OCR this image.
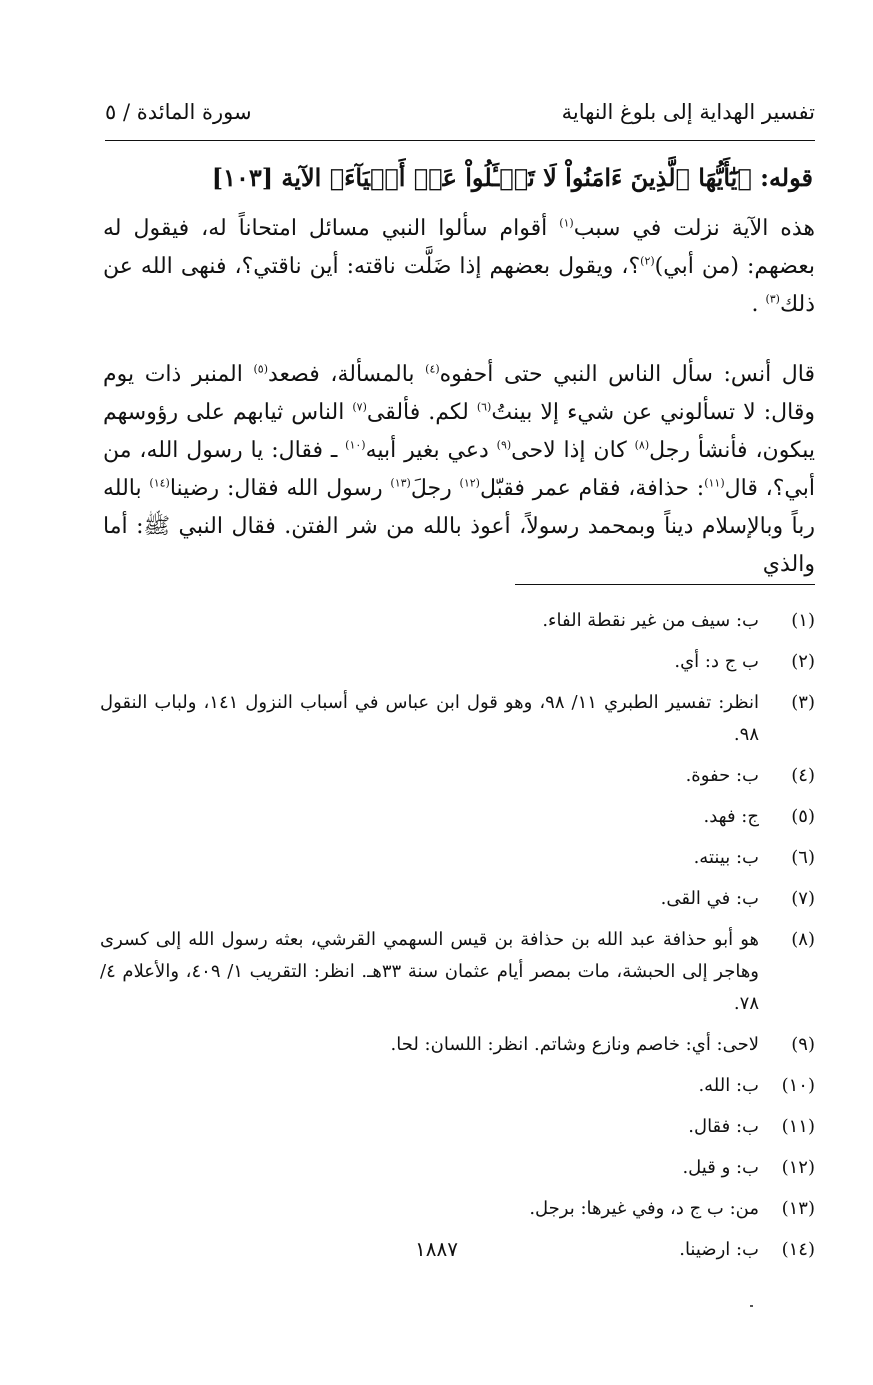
تفسير الهداية إلى بلوغ النهاية
سورة المائدة / ٥
قوله: ﴿يَٰٓأَيُّهَا ٱلَّذِينَ ءَامَنُواْ لَا تَسۡـَٔلُواْ عَنۡ أَشۡيَآءَ﴾ الآية [١٠٣]

هذه الآية نزلت في سبب$^{(١)}$ أقوام سألوا النبي مسائل امتحاناً له، فيقول له بعضهم: (من أبي)$^{(٢)}$؟، ويقول بعضهم إذا ضَلَّت ناقته: أين ناقتي؟، فنهى الله عن ذلك$^{(٣)}$ .

قال أنس: سأل الناس النبي حتى أحفوه$^{(٤)}$ بالمسألة، فصعد$^{(٥)}$ المنبر ذات يوم وقال: لا تسألوني عن شيء إلا بينتُ$^{(٦)}$ لكم. فألقى$^{(٧)}$ الناس ثيابهم على رؤوسهم يبكون، فأنشأ رجل$^{(٨)}$ كان إذا لاحى$^{(٩)}$ دعي بغير أبيه$^{(١٠)}$ ـ فقال: يا رسول الله، من أبي؟، قال$^{(١١)}$: حذافة، فقام عمر فقبّل$^{(١٢)}$ رجلَ$^{(١٣)}$ رسول الله فقال: رضينا$^{(١٤)}$ بالله رباً وبالإسلام ديناً وبمحمد رسولاً، أعوذ بالله من شر الفتن. فقال النبي ﷺ: أما والذي

(١)
ب: سيف من غير نقطة الفاء.
(٢)
ب ج د: أي.
(٣)
انظر: تفسير الطبري ١١/ ٩٨، وهو قول ابن عباس في أسباب النزول ١٤١، ولباب النقول ٩٨.
(٤)
ب: حفوة.
(٥)
ج: فهد.
(٦)
ب: بينته.
(٧)
ب: في القى.
(٨)
هو أبو حذافة عبد الله بن حذافة بن قيس السهمي القرشي، بعثه رسول الله إلى كسرى وهاجر إلى الحبشة، مات بمصر أيام عثمان سنة ٣٣هـ. انظر: التقريب ١/ ٤٠٩، والأعلام ٤/ ٧٨.
(٩)
لاحى: أي: خاصم ونازع وشاتم. انظر: اللسان: لحا.
(١٠)
ب: الله.
(١١)
ب: فقال.
(١٢)
ب: و قيل.
(١٣)
من: ب ج د، وفي غيرها: برجل.
(١٤)
ب: ارضينا.
١٨٨٧
